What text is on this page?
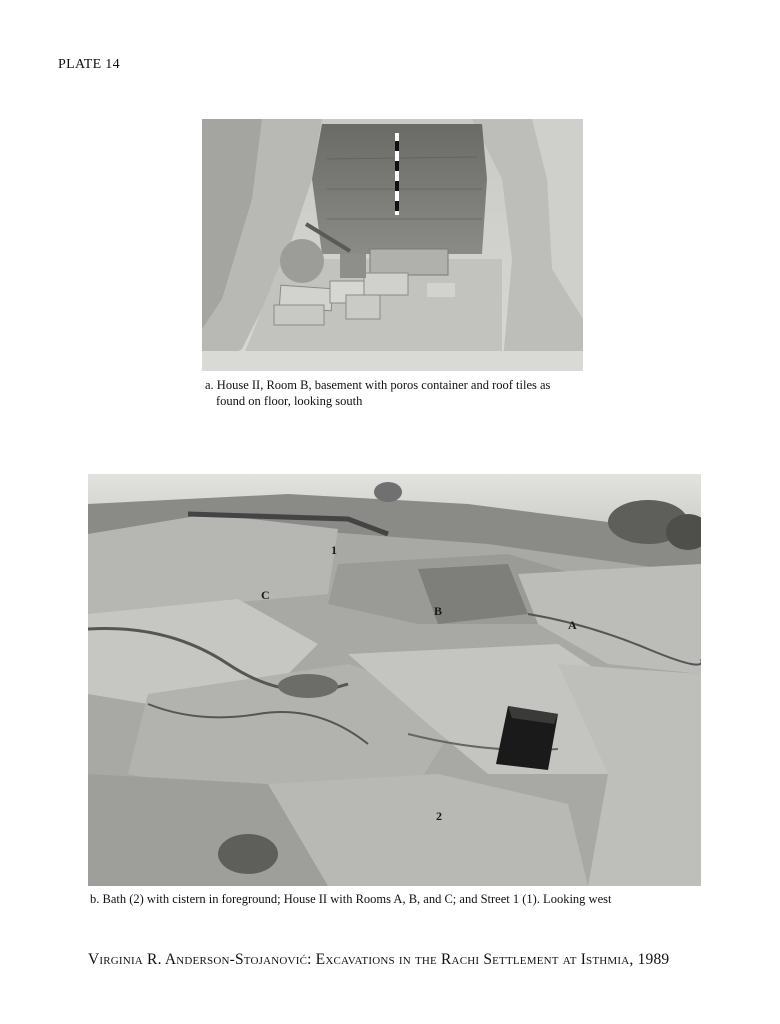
PLATE 14
a. House II, Room B, basement with poros container and roof tiles as
found on floor, looking south
1
C
B
A
2
b. Bath (2) with cistern in foreground; House II with Rooms A, B, and C; and Street 1 (1). Looking west
Virginia R. Anderson-Stojanović: Excavations in the Rachi Settlement at Isthmia, 1989
